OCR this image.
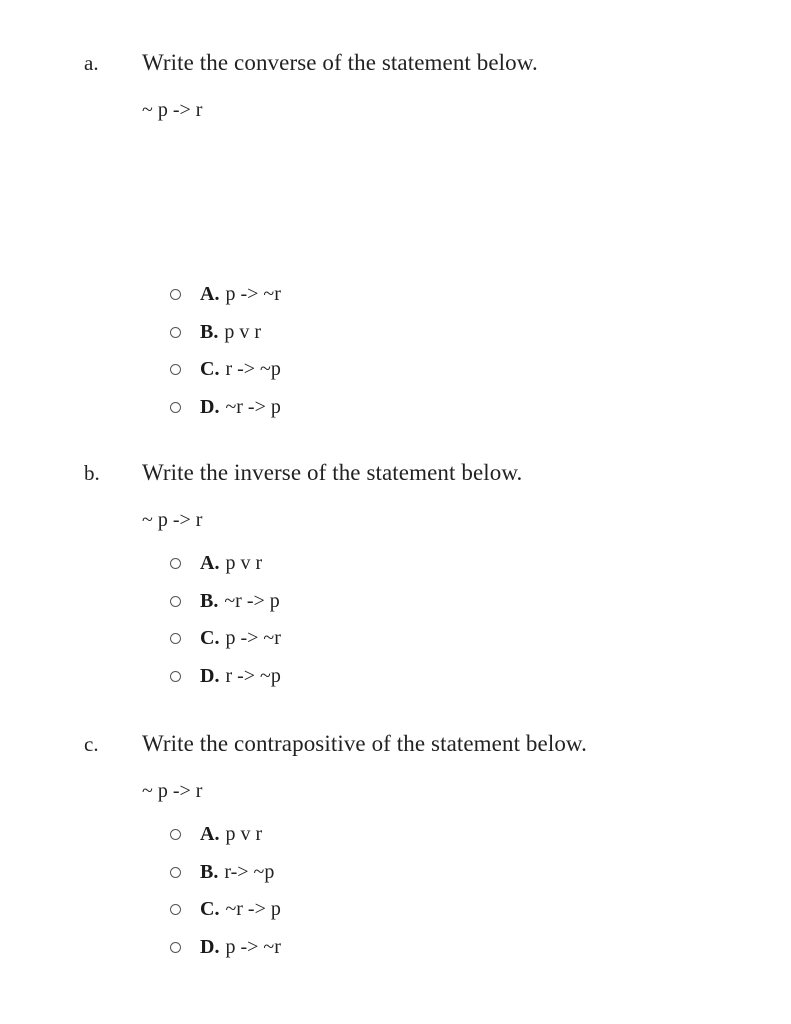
a. Write the converse of the statement below.
~ p -> r
A. p -> ~r
B. p v r
C. r -> ~p
D. ~r -> p
b. Write the inverse of the statement below.
~ p -> r
A. p v r
B. ~r -> p
C. p -> ~r
D. r -> ~p
c. Write the contrapositive of the statement below.
~ p -> r
A. p v r
B. r-> ~p
C. ~r -> p
D. p -> ~r
